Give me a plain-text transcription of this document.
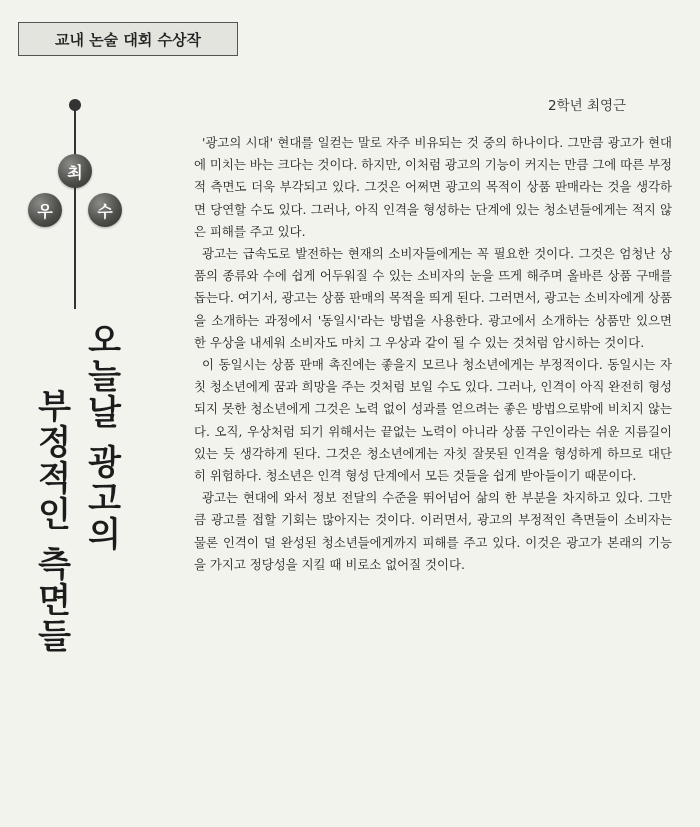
교내 논술 대회 수상작
2학년 최영근
최
우	수
오늘날 광고의
부정적인 측면들

'광고의 시대' 현대를 일컫는 말로 자주 비유되는 것 중의 하나이다. 그만큼 광고가 현대에 미치는 바는 크다는 것이다. 하지만, 이처럼 광고의 기능이 커지는 만큼 그에 따른 부정적 측면도 더욱 부각되고 있다. 그것은 어쩌면 광고의 목적이 상품 판매라는 것을 생각하면 당연할 수도 있다. 그러나, 아직 인격을 형성하는 단계에 있는 청소년들에게는 적지 않은 피해를 주고 있다.

광고는 급속도로 발전하는 현재의 소비자들에게는 꼭 필요한 것이다. 그것은 엄청난 상품의 종류와 수에 쉽게 어두워질 수 있는 소비자의 눈을 뜨게 해주며 올바른 상품 구매를 돕는다. 여기서, 광고는 상품 판매의 목적을 띄게 된다. 그러면서, 광고는 소비자에게 상품을 소개하는 과정에서 '동일시'라는 방법을 사용한다. 광고에서 소개하는 상품만 있으면 한 우상을 내세워 소비자도 마치 그 우상과 같이 될 수 있는 것처럼 암시하는 것이다.

이 동일시는 상품 판매 촉진에는 좋을지 모르나 청소년에게는 부정적이다. 동일시는 자칫 청소년에게 꿈과 희망을 주는 것처럼 보일 수도 있다. 그러나, 인격이 아직 완전히 형성되지 못한 청소년에게 그것은 노력 없이 성과를 얻으려는 좋은 방법으로밖에 비치지 않는다. 오직, 우상처럼 되기 위해서는 끝없는 노력이 아니라 상품 구인이라는 쉬운 지름길이 있는 듯 생각하게 된다. 그것은 청소년에게는 자칫 잘못된 인격을 형성하게 하므로 대단히 위험하다. 청소년은 인격 형성 단계에서 모든 것들을 쉽게 받아들이기 때문이다.

광고는 현대에 와서 정보 전달의 수준을 뛰어넘어 삶의 한 부분을 차지하고 있다. 그만큼 광고를 접할 기회는 많아지는 것이다. 이러면서, 광고의 부정적인 측면들이 소비자는 물론 인격이 덜 완성된 청소년들에게까지 피해를 주고 있다. 이것은 광고가 본래의 기능을 가지고 정당성을 지킬 때 비로소 없어질 것이다.
